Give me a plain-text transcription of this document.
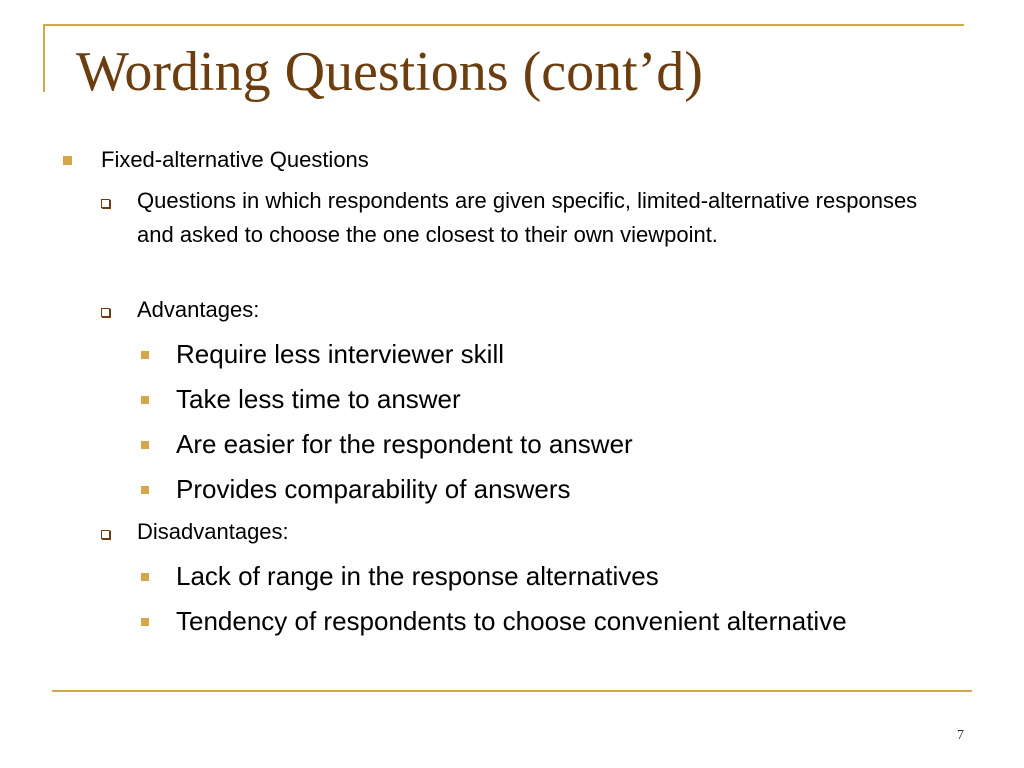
Wording Questions (cont’d)
Fixed-alternative Questions
Questions in which respondents are given specific, limited-alternative responses and asked to choose the one closest to their own viewpoint.
Advantages:
Require less interviewer skill
Take less time to answer
Are easier for the respondent to answer
Provides comparability of answers
Disadvantages:
Lack of range in the response alternatives
Tendency of respondents to choose convenient alternative
7
